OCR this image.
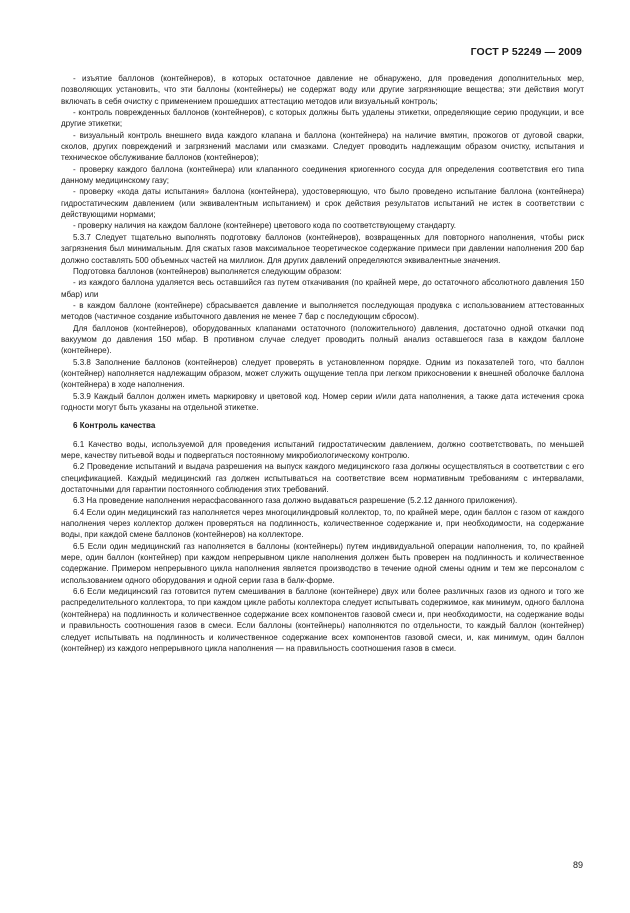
ГОСТ Р 52249 — 2009

- изъятие баллонов (контейнеров), в которых остаточное давление не обнаружено, для проведения дополнительных мер, позволяющих установить, что эти баллоны (контейнеры) не содержат воду или другие загрязняющие вещества; эти действия могут включать в себя очистку с применением прошедших аттестацию методов или визуальный контроль;

- контроль поврежденных баллонов (контейнеров), с которых должны быть удалены этикетки, определяющие серию продукции, и все другие этикетки;

- визуальный контроль внешнего вида каждого клапана и баллона (контейнера) на наличие вмятин, прожогов от дуговой сварки, сколов, других повреждений и загрязнений маслами или смазками. Следует проводить надлежащим образом очистку, испытания и техническое обслуживание баллонов (контейнеров);

- проверку каждого баллона (контейнера) или клапанного соединения криогенного сосуда для определения соответствия его типа данному медицинскому газу;

- проверку «кода даты испытания» баллона (контейнера), удостоверяющую, что было проведено испытание баллона (контейнера) гидростатическим давлением (или эквивалентным испытанием) и срок действия результатов испытаний не истек в соответствии с действующими нормами;

- проверку наличия на каждом баллоне (контейнере) цветового кода по соответствующему стандарту.

5.3.7 Следует тщательно выполнять подготовку баллонов (контейнеров), возвращенных для повторного наполнения, чтобы риск загрязнения был минимальным. Для сжатых газов максимальное теоретическое содержание примеси при давлении наполнения 200 бар должно составлять 500 объемных частей на миллион. Для других давлений определяются эквивалентные значения.

Подготовка баллонов (контейнеров) выполняется следующим образом:

- из каждого баллона удаляется весь оставшийся газ путем откачивания (по крайней мере, до остаточного абсолютного давления 150 мбар) или

- в каждом баллоне (контейнере) сбрасывается давление и выполняется последующая продувка с использованием аттестованных методов (частичное создание избыточного давления не менее 7 бар с последующим сбросом).

Для баллонов (контейнеров), оборудованных клапанами остаточного (положительного) давления, достаточно одной откачки под вакуумом до давления 150 мбар. В противном случае следует проводить полный анализ оставшегося газа в каждом баллоне (контейнере).

5.3.8 Заполнение баллонов (контейнеров) следует проверять в установленном порядке. Одним из показателей того, что баллон (контейнер) наполняется надлежащим образом, может служить ощущение тепла при легком прикосновении к внешней оболочке баллона (контейнера) в ходе наполнения.

5.3.9 Каждый баллон должен иметь маркировку и цветовой код. Номер серии и/или дата наполнения, а также дата истечения срока годности могут быть указаны на отдельной этикетке.

6 Контроль качества

6.1 Качество воды, используемой для проведения испытаний гидростатическим давлением, должно соответствовать, по меньшей мере, качеству питьевой воды и подвергаться постоянному микробиологическому контролю.

6.2 Проведение испытаний и выдача разрешения на выпуск каждого медицинского газа должны осуществляться в соответствии с его спецификацией. Каждый медицинский газ должен испытываться на соответствие всем нормативным требованиям с интервалами, достаточными для гарантии постоянного соблюдения этих требований.

6.3 На проведение наполнения нерасфасованного газа должно выдаваться разрешение (5.2.12 данного приложения).

6.4 Если один медицинский газ наполняется через многоцилиндровый коллектор, то, по крайней мере, один баллон с газом от каждого наполнения через коллектор должен проверяться на подлинность, количественное содержание и, при необходимости, на содержание воды, при каждой смене баллонов (контейнеров) на коллекторе.

6.5 Если один медицинский газ наполняется в баллоны (контейнеры) путем индивидуальной операции наполнения, то, по крайней мере, один баллон (контейнер) при каждом непрерывном цикле наполнения должен быть проверен на подлинность и количественное содержание. Примером непрерывного цикла наполнения является производство в течение одной смены одним и тем же персоналом с использованием одного оборудования и одной серии газа в балк-форме.

6.6 Если медицинский газ готовится путем смешивания в баллоне (контейнере) двух или более различных газов из одного и того же распределительного коллектора, то при каждом цикле работы коллектора следует испытывать содержимое, как минимум, одного баллона (контейнера) на подлинность и количественное содержание всех компонентов газовой смеси и, при необходимости, на содержание воды и правильность соотношения газов в смеси. Если баллоны (контейнеры) наполняются по отдельности, то каждый баллон (контейнер) следует испытывать на подлинность и количественное содержание всех компонентов газовой смеси, и, как минимум, один баллон (контейнер) из каждого непрерывного цикла наполнения — на правильность соотношения газов в смеси.

89
